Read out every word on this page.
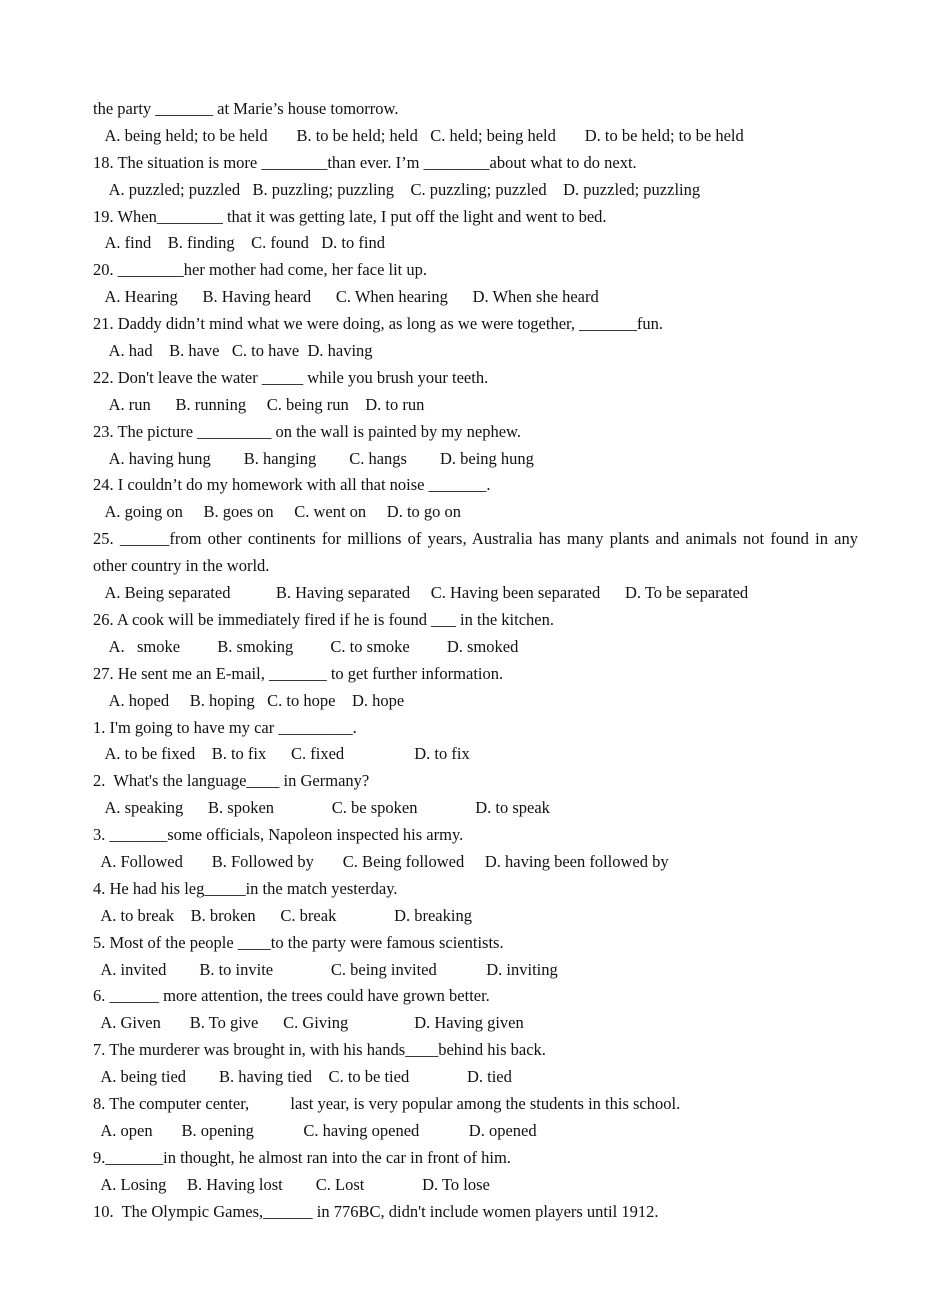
the party _______ at Marie’s house tomorrow.
A. being held; to be held       B. to be held; held   C. held; being held       D. to be held; to be held
18. The situation is more ________than ever. I’m ________about what to do next.
A. puzzled; puzzled   B. puzzling; puzzling    C. puzzling; puzzled    D. puzzled; puzzling
19. When________ that it was getting late, I put off the light and went to bed.
A. find    B. finding    C. found   D. to find
20. ________her mother had come, her face lit up.
A. Hearing      B. Having heard      C. When hearing      D. When she heard
21. Daddy didn’t mind what we were doing, as long as we were together, _______fun.
A. had    B. have   C. to have  D. having
22. Don't leave the water _____ while you brush your teeth.
A. run      B. running     C. being run    D. to run
23. The picture _________ on the wall is painted by my nephew.
A. having hung        B. hanging        C. hangs        D. being hung
24. I couldn’t do my homework with all that noise _______.
A. going on     B. goes on     C. went on     D. to go on
25. ______from other continents for millions of years, Australia has many plants and animals not found in any other country in the world.
A. Being separated           B. Having separated     C. Having been separated      D. To be separated
26. A cook will be immediately fired if he is found ___ in the kitchen.
A.   smoke         B. smoking         C. to smoke         D. smoked
27. He sent me an E-mail, _______ to get further information.
A. hoped     B. hoping   C. to hope    D. hope
1. I'm going to have my car _________.
A. to be fixed    B. to fix      C. fixed                 D. to fix
2.  What's the language____ in Germany?
A. speaking      B. spoken              C. be spoken              D. to speak
3. _______some officials, Napoleon inspected his army.
A. Followed       B. Followed by       C. Being followed     D. having been followed by
4. He had his leg_____in the match yesterday.
A. to break    B. broken      C. break              D. breaking
5. Most of the people ____to the party were famous scientists.
A. invited        B. to invite              C. being invited            D. inviting
6. ______ more attention, the trees could have grown better.
A. Given       B. To give      C. Giving                D. Having given
7. The murderer was brought in, with his hands____behind his back.
A. being tied        B. having tied    C. to be tied              D. tied
8. The computer center,          last year, is very popular among the students in this school.
A. open       B. opening            C. having opened            D. opened
9._______in thought, he almost ran into the car in front of him.
A. Losing     B. Having lost        C. Lost              D. To lose
10.  The Olympic Games,______ in 776BC, didn't include women players until 1912.
